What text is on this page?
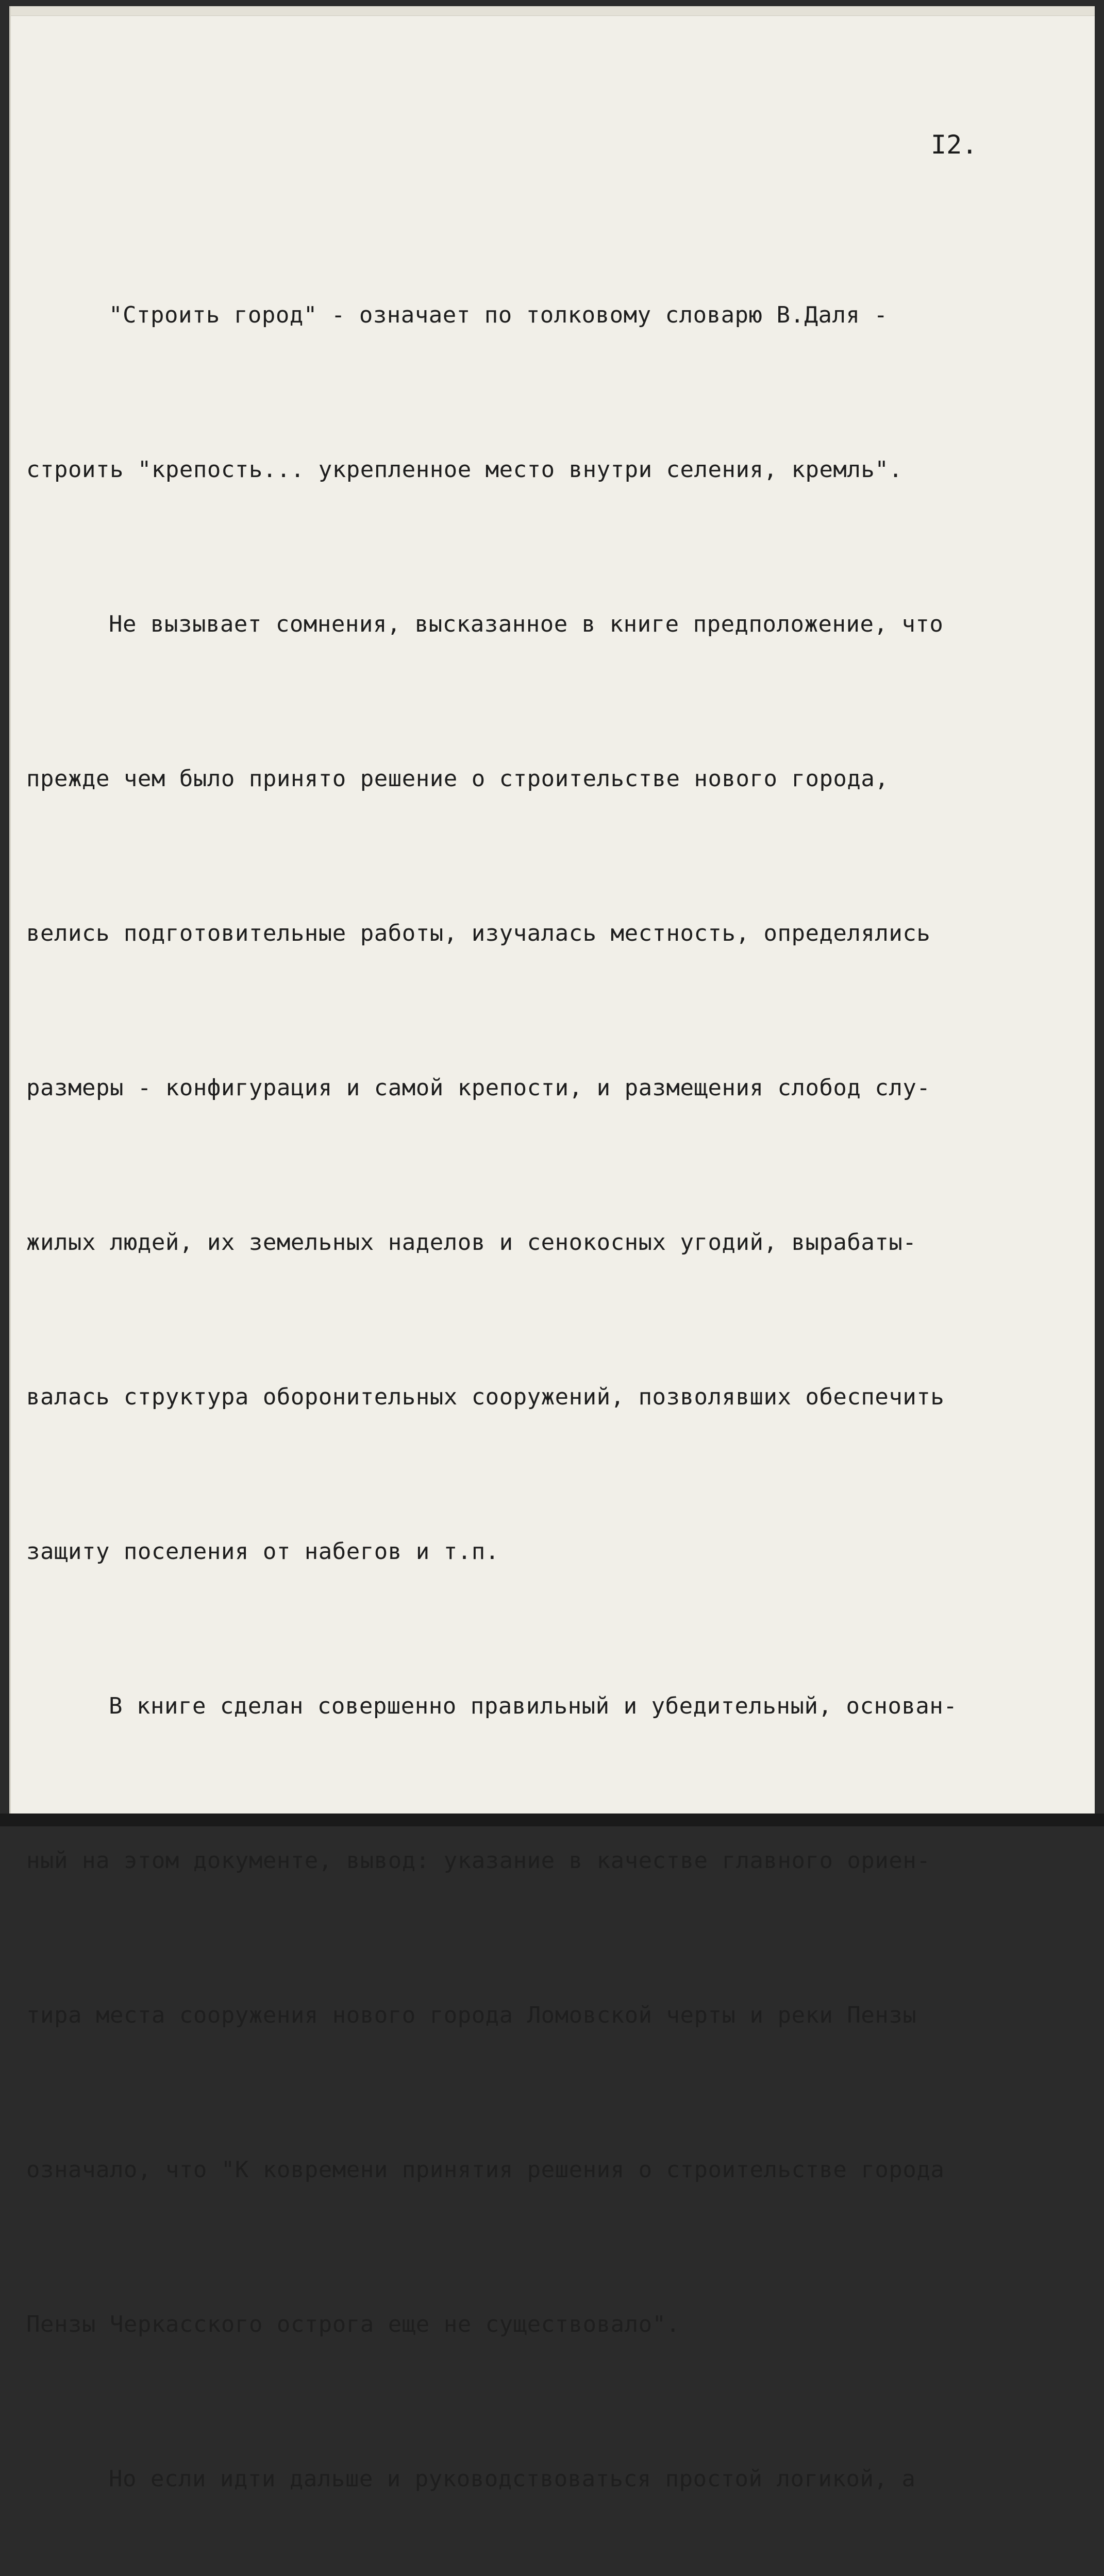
I2.

"Строить город" - означает по толковому словарю В.Даля -

строить "крепость... укрепленное место внутри селения, кремль".

Не вызывает сомнения, высказанное в книге предположение, что

прежде чем было принято решение о строительстве нового города,

велись подготовительные работы, изучалась местность, определялись

размеры - конфигурация и самой крепости, и размещения слобод слу-

жилых людей, их земельных наделов и сенокосных угодий, вырабаты-

валась структура оборонительных сооружений, позволявших обеспечить

защиту поселения от набегов и т.п.

В книге сделан совершенно правильный и убедительный, основан-

ный на этом документе, вывод: указание в качестве главного ориен-

тира места сооружения нового города Ломовской черты и реки Пензы

означало, что "К ковремени принятия решения о строительстве города

Пензы Черкасского острога еще не существовало".

Но если идти дальше и руководствоваться простой логикой, а
